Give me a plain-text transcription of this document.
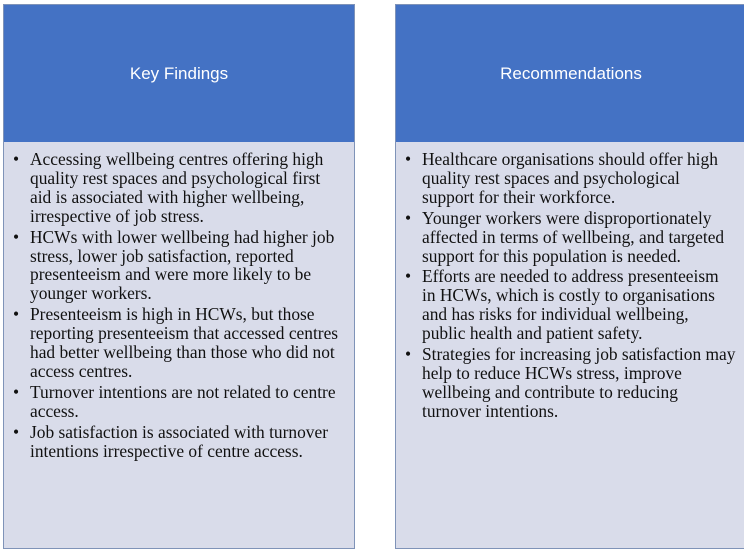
Key Findings
• Accessing wellbeing centres offering high quality rest spaces and psychological first aid is associated with higher wellbeing, irrespective of job stress.
• HCWs with lower wellbeing had higher job stress, lower job satisfaction, reported presenteeism and were more likely to be younger workers.
• Presenteeism is high in HCWs, but those reporting presenteeism that accessed centres had better wellbeing than those who did not access centres.
• Turnover intentions are not related to centre access.
• Job satisfaction is associated with turnover intentions irrespective of centre access.
Recommendations
• Healthcare organisations should offer high quality rest spaces and psychological support for their workforce.
• Younger workers were disproportionately affected in terms of wellbeing, and targeted support for this population is needed.
• Efforts are needed to address presenteeism in HCWs, which is costly to organisations and has risks for individual wellbeing, public health and patient safety.
• Strategies for increasing job satisfaction may help to reduce HCWs stress, improve wellbeing and contribute to reducing turnover intentions.
